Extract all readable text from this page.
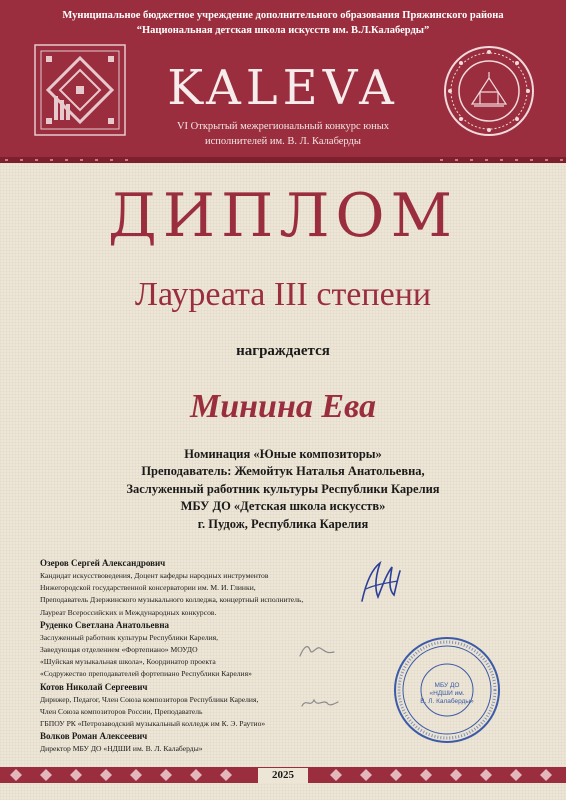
Муниципальное бюджетное учреждение дополнительного образования Пряжинского района
“Национальная детская школа искусств им. В.Л.Калаберды”
KALEVA
VI Открытый межрегиональный конкурс юных
исполнителей им. В. Л. Калаберды
ДИПЛОМ
Лауреата III степени
награждается
Минина Ева
Номинация «Юные композиторы»
Преподаватель: Жемойтук Наталья Анатольевна,
Заслуженный работник культуры Республики Карелия
МБУ ДО «Детская школа искусств»
г. Пудож, Республика Карелия
Озеров Сергей Александрович
Кандидат искусствоведения, Доцент кафедры народных инструментов
Нижегородской государственной консерватории им. М. И. Глинки,
Преподаватель Дзержинского музыкального колледжа, концертный исполнитель,
Лауреат Всероссийских и Международных конкурсов.
Руденко Светлана Анатольевна
Заслуженный работник культуры Республики Карелия,
Заведующая отделением «Фортепиано» МОУДО
«Шуйская музыкальная школа», Координатор проекта
«Содружество преподавателей фортепиано Республики Карелия»
Котов Николай Сергеевич
Дирижер, Педагог, Член Союза композиторов Республики Карелия,
Член Союза композиторов России, Преподаватель
ГБПОУ РК «Петрозаводский музыкальный колледж им К. Э. Раутио»
Волков Роман Алексеевич
Директор МБУ ДО «НДШИ им. В. Л. Калаберды»
МБУ ДО
«НДШИ им.
В. Л. Калаберды»
2025
